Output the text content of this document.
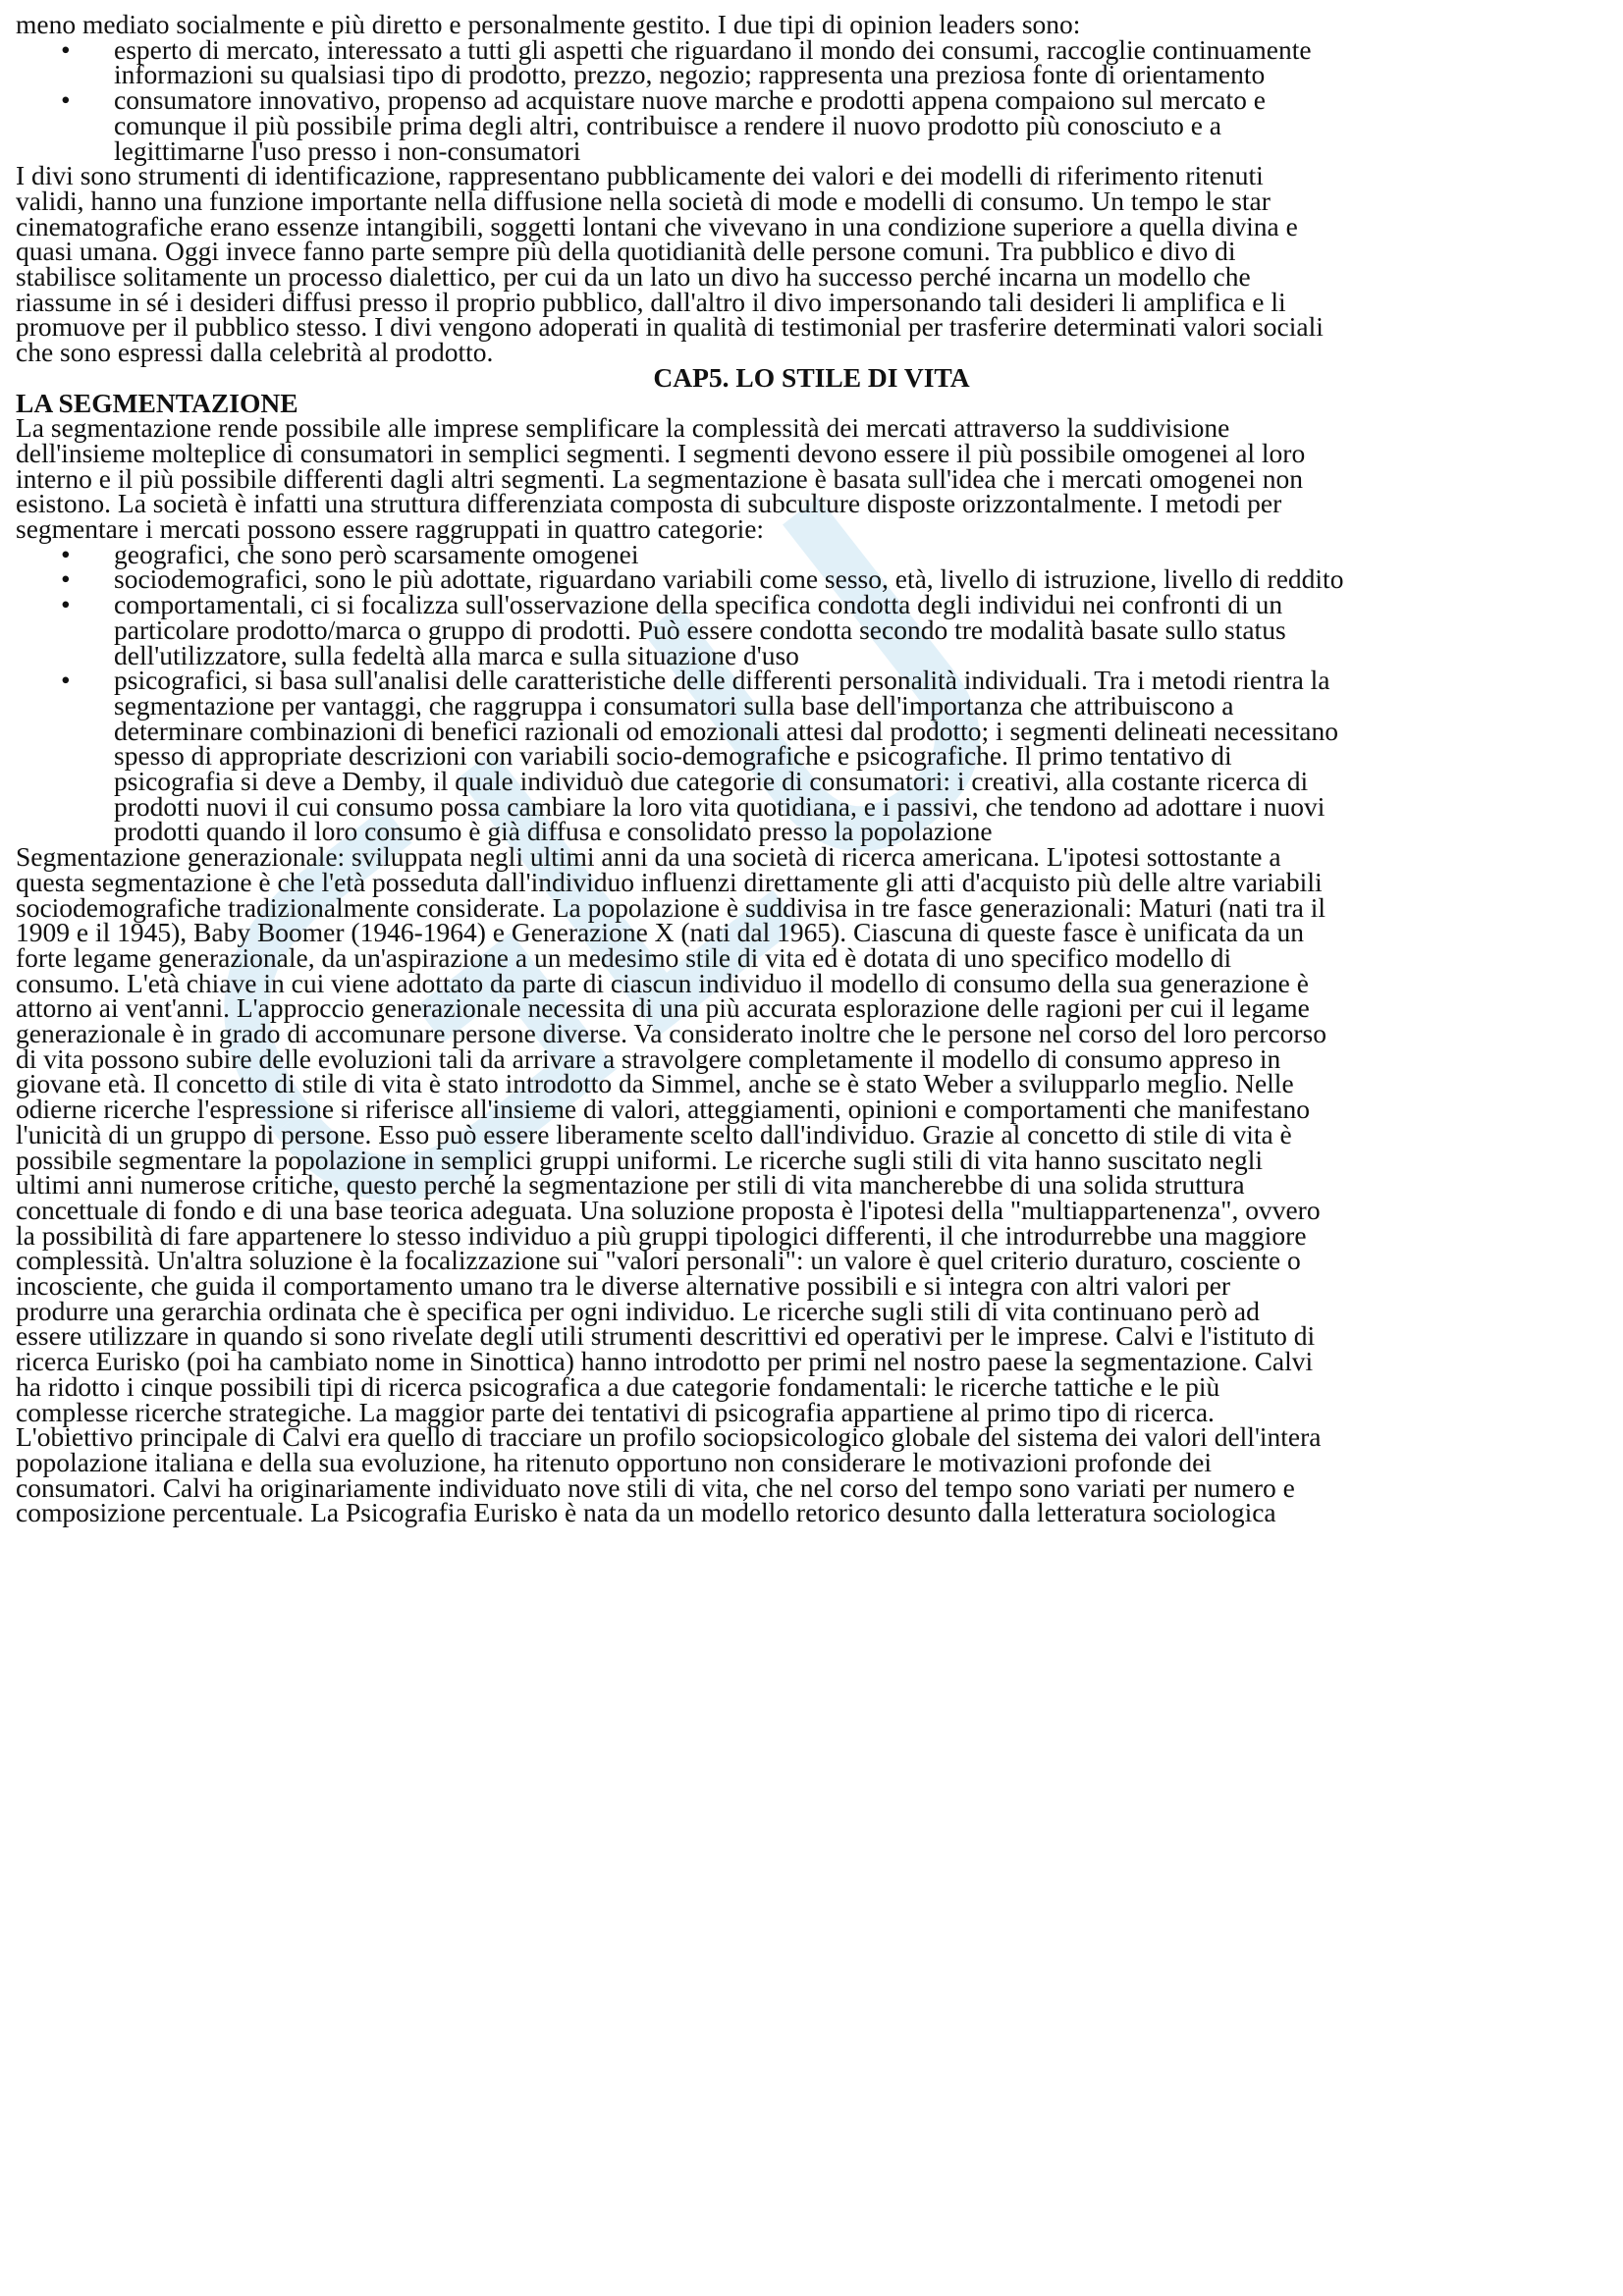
meno mediato socialmente e più diretto e personalmente gestito. I due tipi di opinion leaders sono:
• esperto di mercato, interessato a tutti gli aspetti che riguardano il mondo dei consumi, raccoglie continuamente
informazioni su qualsiasi tipo di prodotto, prezzo, negozio; rappresenta una preziosa fonte di orientamento
• consumatore innovativo, propenso ad acquistare nuove marche e prodotti appena compaiono sul mercato e
comunque il più possibile prima degli altri, contribuisce a rendere il nuovo prodotto più conosciuto e a
legittimarne l'uso presso i non-consumatori
I divi sono strumenti di identificazione, rappresentano pubblicamente dei valori e dei modelli di riferimento ritenuti
validi, hanno una funzione importante nella diffusione nella società di mode e modelli di consumo. Un tempo le star
cinematografiche erano essenze intangibili, soggetti lontani che vivevano in una condizione superiore a quella divina e
quasi umana. Oggi invece fanno parte sempre più della quotidianità delle persone comuni. Tra pubblico e divo di
stabilisce solitamente un processo dialettico, per cui da un lato un divo ha successo perché incarna un modello che
riassume in sé i desideri diffusi presso il proprio pubblico, dall'altro il divo impersonando tali desideri li amplifica e li
promuove per il pubblico stesso. I divi vengono adoperati in qualità di testimonial per trasferire determinati valori sociali
che sono espressi dalla celebrità al prodotto.
CAP5. LO STILE DI VITA
LA SEGMENTAZIONE
La segmentazione rende possibile alle imprese semplificare la complessità dei mercati attraverso la suddivisione
dell'insieme molteplice di consumatori in semplici segmenti. I segmenti devono essere il più possibile omogenei al loro
interno e il più possibile differenti dagli altri segmenti. La segmentazione è basata sull'idea che i mercati omogenei non
esistono. La società è infatti una struttura differenziata composta di subculture disposte orizzontalmente. I metodi per
segmentare i mercati possono essere raggruppati in quattro categorie:
• geografici, che sono però scarsamente omogenei
• sociodemografici, sono le più adottate, riguardano variabili come sesso, età, livello di istruzione, livello di reddito
• comportamentali, ci si focalizza sull'osservazione della specifica condotta degli individui nei confronti di un
particolare prodotto/marca o gruppo di prodotti. Può essere condotta secondo tre modalità basate sullo status
dell'utilizzatore, sulla fedeltà alla marca e sulla situazione d'uso
• psicografici, si basa sull'analisi delle caratteristiche delle differenti personalità individuali. Tra i metodi rientra la
segmentazione per vantaggi, che raggruppa i consumatori sulla base dell'importanza che attribuiscono a
determinare combinazioni di benefici razionali od emozionali attesi dal prodotto; i segmenti delineati necessitano
spesso di appropriate descrizioni con variabili socio-demografiche e psicografiche. Il primo tentativo di
psicografia si deve a Demby, il quale individuò due categorie di consumatori: i creativi, alla costante ricerca di
prodotti nuovi il cui consumo possa cambiare la loro vita quotidiana, e i passivi, che tendono ad adottare i nuovi
prodotti quando il loro consumo è già diffusa e consolidato presso la popolazione
Segmentazione generazionale: sviluppata negli ultimi anni da una società di ricerca americana. L'ipotesi sottostante a
questa segmentazione è che l'età posseduta dall'individuo influenzi direttamente gli atti d'acquisto più delle altre variabili
sociodemografiche tradizionalmente considerate. La popolazione è suddivisa in tre fasce generazionali: Maturi (nati tra il
1909 e il 1945), Baby Boomer (1946-1964) e Generazione X (nati dal 1965). Ciascuna di queste fasce è unificata da un
forte legame generazionale, da un'aspirazione a un medesimo stile di vita ed è dotata di uno specifico modello di
consumo. L'età chiave in cui viene adottato da parte di ciascun individuo il modello di consumo della sua generazione è
attorno ai vent'anni. L'approccio generazionale necessita di una più accurata esplorazione delle ragioni per cui il legame
generazionale è in grado di accomunare persone diverse. Va considerato inoltre che le persone nel corso del loro percorso
di vita possono subire delle evoluzioni tali da arrivare a stravolgere completamente il modello di consumo appreso in
giovane età. Il concetto di stile di vita è stato introdotto da Simmel, anche se è stato Weber a svilupparlo meglio. Nelle
odierne ricerche l'espressione si riferisce all'insieme di valori, atteggiamenti, opinioni e comportamenti che manifestano
l'unicità di un gruppo di persone. Esso può essere liberamente scelto dall'individuo. Grazie al concetto di stile di vita è
possibile segmentare la popolazione in semplici gruppi uniformi. Le ricerche sugli stili di vita hanno suscitato negli
ultimi anni numerose critiche, questo perché la segmentazione per stili di vita mancherebbe di una solida struttura
concettuale di fondo e di una base teorica adeguata. Una soluzione proposta è l'ipotesi della "multiappartenenza", ovvero
la possibilità di fare appartenere lo stesso individuo a più gruppi tipologici differenti, il che introdurrebbe una maggiore
complessità. Un'altra soluzione è la focalizzazione sui "valori personali": un valore è quel criterio duraturo, cosciente o
incosciente, che guida il comportamento umano tra le diverse alternative possibili e si integra con altri valori per
produrre una gerarchia ordinata che è specifica per ogni individuo. Le ricerche sugli stili di vita continuano però ad
essere utilizzare in quando si sono rivelate degli utili strumenti descrittivi ed operativi per le imprese. Calvi e l'istituto di
ricerca Eurisko (poi ha cambiato nome in Sinottica) hanno introdotto per primi nel nostro paese la segmentazione. Calvi
ha ridotto i cinque possibili tipi di ricerca psicografica a due categorie fondamentali: le ricerche tattiche e le più
complesse ricerche strategiche. La maggior parte dei tentativi di psicografia appartiene al primo tipo di ricerca.
L'obiettivo principale di Calvi era quello di tracciare un profilo sociopsicologico globale del sistema dei valori dell'intera
popolazione italiana e della sua evoluzione, ha ritenuto opportuno non considerare le motivazioni profonde dei
consumatori. Calvi ha originariamente individuato nove stili di vita, che nel corso del tempo sono variati per numero e
composizione percentuale. La Psicografia Eurisko è nata da un modello retorico desunto dalla letteratura sociologica
